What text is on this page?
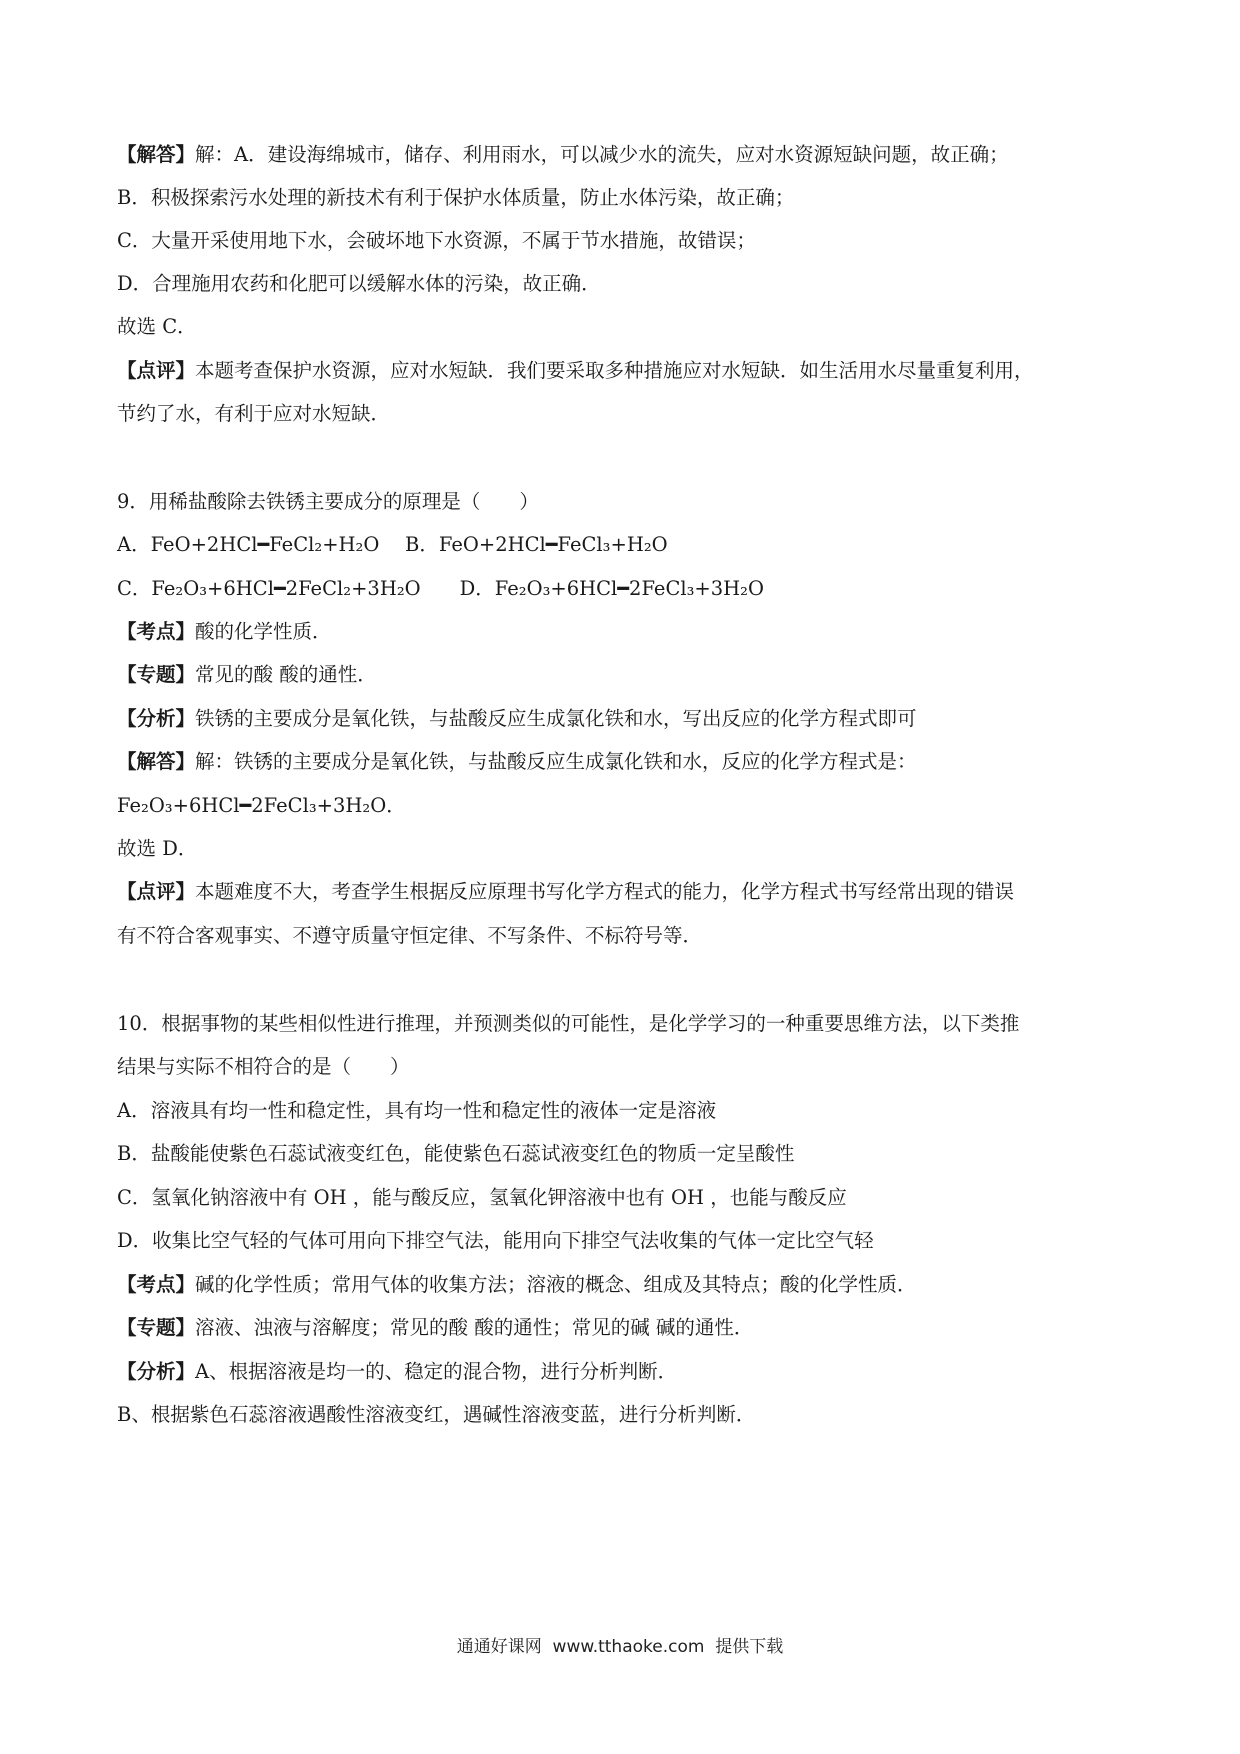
【解答】解：A．建设海绵城市，储存、利用雨水，可以减少水的流失，应对水资源短缺问题，故正确；
B．积极探索污水处理的新技术有利于保护水体质量，防止水体污染，故正确；
C．大量开采使用地下水，会破坏地下水资源，不属于节水措施，故错误；
D．合理施用农药和化肥可以缓解水体的污染，故正确．
故选 C．
【点评】本题考查保护水资源，应对水短缺．我们要采取多种措施应对水短缺．如生活用水尽量重复利用，
节约了水，有利于应对水短缺．
9．用稀盐酸除去铁锈主要成分的原理是（　　）
A．FeO+2HCl━FeCl₂+H₂O　 B．FeO+2HCl━FeCl₃+H₂O
C．Fe₂O₃+6HCl━2FeCl₂+3H₂O　　D．Fe₂O₃+6HCl━2FeCl₃+3H₂O
【考点】酸的化学性质．
【专题】常见的酸 酸的通性．
【分析】铁锈的主要成分是氧化铁，与盐酸反应生成氯化铁和水，写出反应的化学方程式即可
【解答】解：铁锈的主要成分是氧化铁，与盐酸反应生成氯化铁和水，反应的化学方程式是：
Fe₂O₃+6HCl━2FeCl₃+3H₂O．
故选 D．
【点评】本题难度不大，考查学生根据反应原理书写化学方程式的能力，化学方程式书写经常出现的错误
有不符合客观事实、不遵守质量守恒定律、不写条件、不标符号等．
10．根据事物的某些相似性进行推理，并预测类似的可能性，是化学学习的一种重要思维方法，以下类推
结果与实际不相符合的是（　　）
A．溶液具有均一性和稳定性，具有均一性和稳定性的液体一定是溶液
B．盐酸能使紫色石蕊试液变红色，能使紫色石蕊试液变红色的物质一定呈酸性
C．氢氧化钠溶液中有 OH ，能与酸反应，氢氧化钾溶液中也有 OH ，也能与酸反应
D．收集比空气轻的气体可用向下排空气法，能用向下排空气法收集的气体一定比空气轻
【考点】碱的化学性质；常用气体的收集方法；溶液的概念、组成及其特点；酸的化学性质．
【专题】溶液、浊液与溶解度；常见的酸 酸的通性；常见的碱 碱的通性．
【分析】A、根据溶液是均一的、稳定的混合物，进行分析判断．
B、根据紫色石蕊溶液遇酸性溶液变红，遇碱性溶液变蓝，进行分析判断．
通通好课网  www.tthaoke.com  提供下载
